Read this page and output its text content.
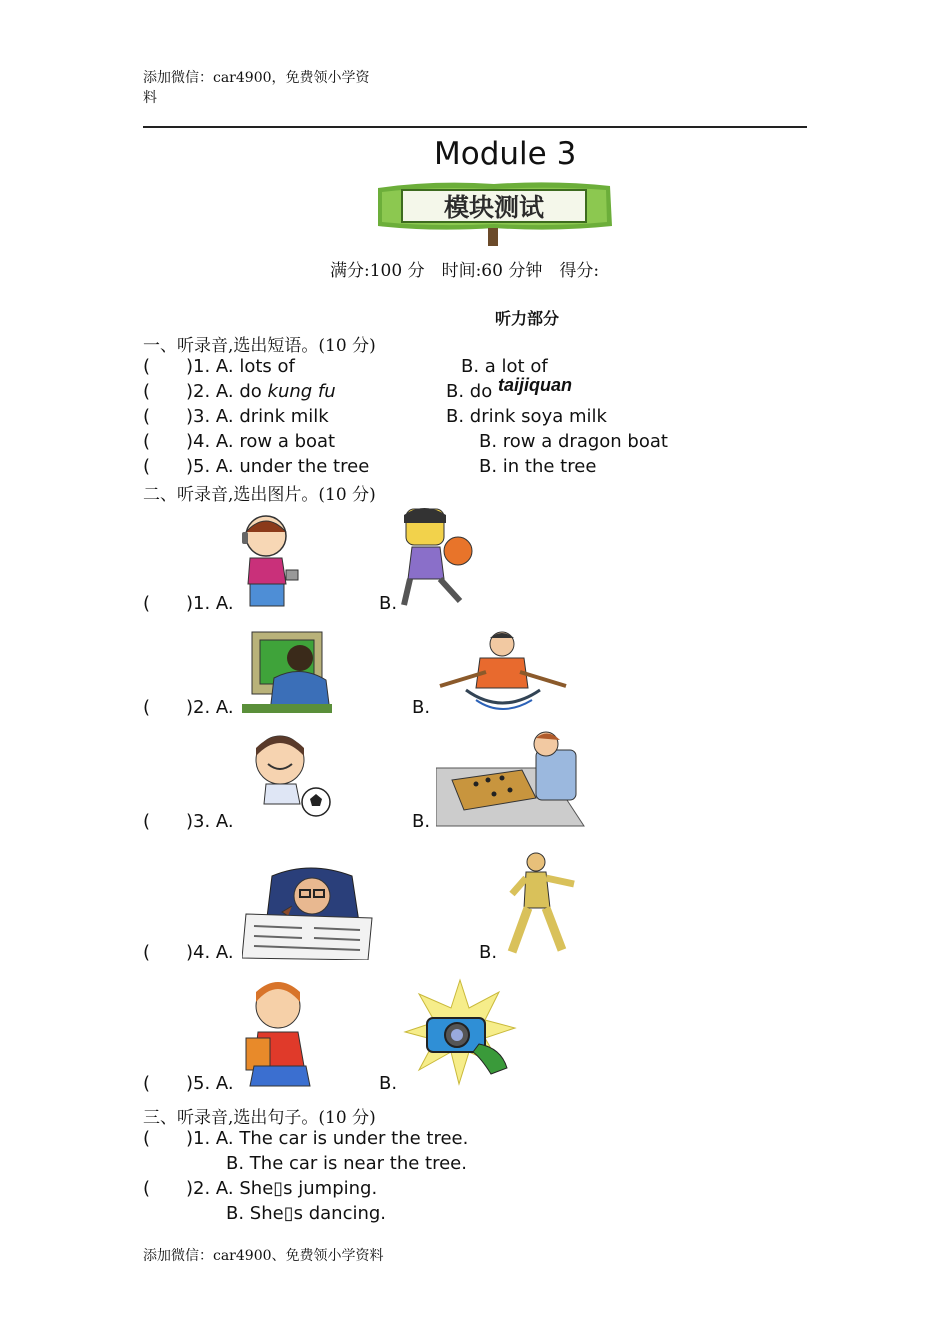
添加微信：car4900，免费领小学资
料
Module 3
模块测试
满分:100 分　时间:60 分钟　得分:
听力部分
一、听录音,选出短语。(10 分)
( )1. A. lots of	B. a lot of
( )2. A. do kung fu	B. do taijiquan
( )3. A. drink milk	B. drink soya milk
( )4. A. row a boat	B. row a dragon boat
( )5. A. under the tree	B. in the tree
二、听录音,选出图片。(10 分)
( )1. A.	B.
( )2. A.	B.
( )3. A.	B.
( )4. A.	B.
( )5. A.	B.
三、听录音,选出句子。(10 分)
( )1. A. The car is under the tree.
B. The car is near the tree.
( )2. A. She▯s jumping.
B. She▯s dancing.
添加微信：car4900、免费领小学资料
